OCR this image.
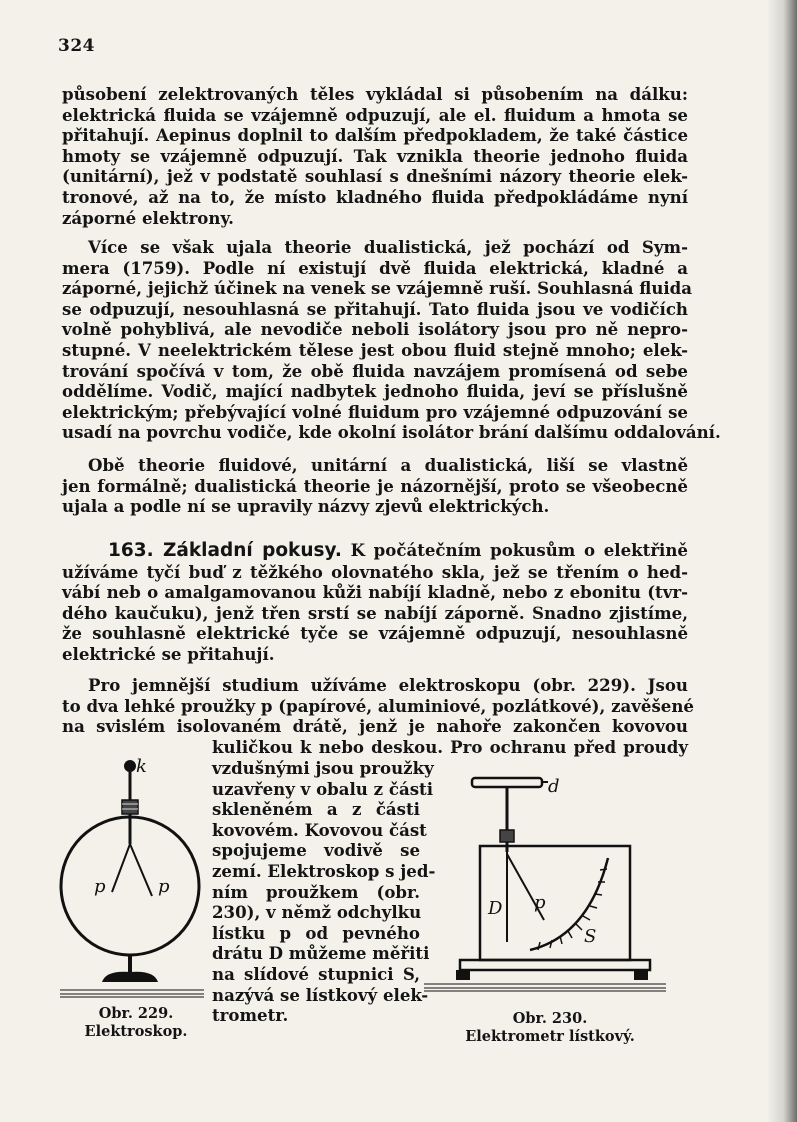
324
působení zelektrovaných těles vykládal si působením na dálku:
elektrická fluida se vzájemně odpuzují, ale el. fluidum a hmota se
přitahují. Aepinus doplnil to dalším předpokladem, že také částice
hmoty se vzájemně odpuzují. Tak vznikla theorie jednoho fluida
(unitární), jež v podstatě souhlasí s dnešními názory theorie elek-
tronové, až na to, že místo kladného fluida předpokládáme nyní
záporné elektrony.
Více se však ujala theorie dualistická, jež pochází od Sym-
mera (1759). Podle ní existují dvě fluida elektrická, kladné a
záporné, jejichž účinek na venek se vzájemně ruší. Souhlasná fluida
se odpuzují, nesouhlasná se přitahují. Tato fluida jsou ve vodičích
volně pohyblivá, ale nevodiče neboli isolátory jsou pro ně nepro-
stupné. V neelektrickém tělese jest obou fluid stejně mnoho; elek-
trování spočívá v tom, že obě fluida navzájem promísená od sebe
oddělíme. Vodič, mající nadbytek jednoho fluida, jeví se příslušně
elektrickým; přebývající volné fluidum pro vzájemné odpuzování se
usadí na povrchu vodiče, kde okolní isolátor brání dalšímu oddalování.
Obě theorie fluidové, unitární a dualistická, liší se vlastně
jen formálně; dualistická theorie je názornější, proto se všeobecně
ujala a podle ní se upravily názvy zjevů elektrických.
163. Základní pokusy. K počátečním pokusům o elektřině
užíváme tyčí buď z těžkého olovnatého skla, jež se třením o hed-
vábí neb o amalgamovanou kůži nabíjí kladně, nebo z ebonitu (tvr-
dého kaučuku), jenž třen srstí se nabíjí záporně. Snadno zjistíme,
že souhlasně elektrické tyče se vzájemně odpuzují, nesouhlasně
elektrické se přitahují.
Pro jemnější studium užíváme elektroskopu (obr. 229). Jsou
to dva lehké proužky p (papírové, aluminiové, pozlátkové), zavěšené
na svislém isolovaném drátě, jenž je nahoře zakončen kovovou
kuličkou k nebo deskou. Pro ochranu před proudy
vzdušnými jsou proužky
uzavřeny v obalu z části
skleněném a z části
kovovém. Kovovou část
spojujeme vodivě se
zemí. Elektroskop s jed-
ním proužkem (obr.
230), v němž odchylku
lístku p od pevného
drátu D můžeme měřiti
na slídové stupnici S,
nazývá se lístkový elek-
trometr.
k
p	p
Obr. 229.
Elektroskop.
d
D p
S
Obr. 230.
Elektrometr lístkový.
